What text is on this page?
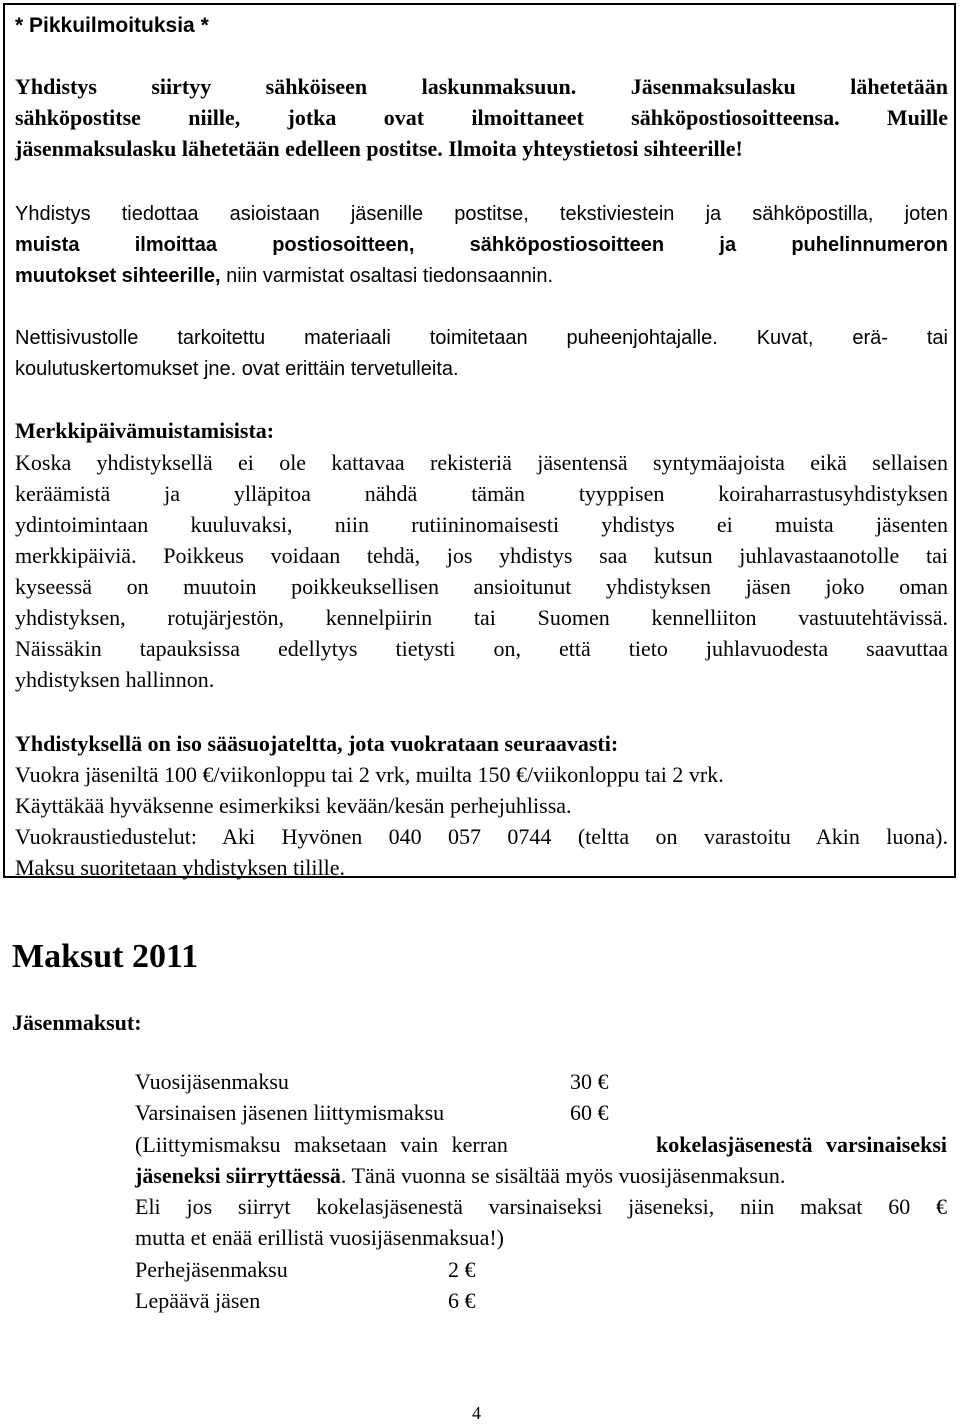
* Pikkuilmoituksia *
Yhdistys siirtyy sähköiseen laskunmaksuun. Jäsenmaksulasku lähetetään
sähköpostitse niille, jotka ovat ilmoittaneet sähköpostiosoitteensa. Muille
jäsenmaksulasku lähetetään edelleen postitse. Ilmoita yhteystietosi sihteerille!
Yhdistys tiedottaa asioistaan jäsenille postitse, tekstiviestein ja sähköpostilla, joten
muista ilmoittaa postiosoitteen, sähköpostiosoitteen ja puhelinnumeron
muutokset sihteerille, niin varmistat osaltasi tiedonsaannin.
Nettisivustolle tarkoitettu materiaali toimitetaan puheenjohtajalle. Kuvat, erä- tai
koulutuskertomukset jne. ovat erittäin tervetulleita.
Merkkipäivämuistamisista:
Koska yhdistyksellä ei ole kattavaa rekisteriä jäsentensä syntymäajoista eikä sellaisen
keräämistä ja ylläpitoa nähdä tämän tyyppisen koiraharrastusyhdistyksen
ydintoimintaan kuuluvaksi, niin rutiininomaisesti yhdistys ei muista jäsenten
merkkipäiviä. Poikkeus voidaan tehdä, jos yhdistys saa kutsun juhlavastaanotolle tai
kyseessä on muutoin poikkeuksellisen ansioitunut yhdistyksen jäsen joko oman
yhdistyksen, rotujärjestön, kennelpiirin tai Suomen kennelliiton vastuutehtävissä.
Näissäkin tapauksissa edellytys tietysti on, että tieto juhlavuodesta saavuttaa
yhdistyksen hallinnon.
Yhdistyksellä on iso sääsuojateltta, jota vuokrataan seuraavasti:
Vuokra jäseniltä 100 €/viikonloppu tai 2 vrk, muilta 150 €/viikonloppu tai 2 vrk.
Käyttäkää hyväksenne esimerkiksi kevään/kesän perhejuhlissa.
Vuokraustiedustelut: Aki Hyvönen 040 057 0744 (teltta on varastoitu Akin luona).
Maksu suoritetaan yhdistyksen tilille.
Maksut 2011
Jäsenmaksut:
Vuosijäsenmaksu	30 €
Varsinaisen jäsenen liittymismaksu	60 €
(Liittymismaksu maksetaan vain kerran	kokelasjäsenestä varsinaiseksi
jäseneksi siirryttäessä. Tänä vuonna se sisältää myös vuosijäsenmaksun.
Eli jos siirryt kokelasjäsenestä varsinaiseksi jäseneksi, niin maksat 60 €
mutta et enää erillistä vuosijäsenmaksua!)
Perhejäsenmaksu	2 €
Lepäävä jäsen	6 €
4
